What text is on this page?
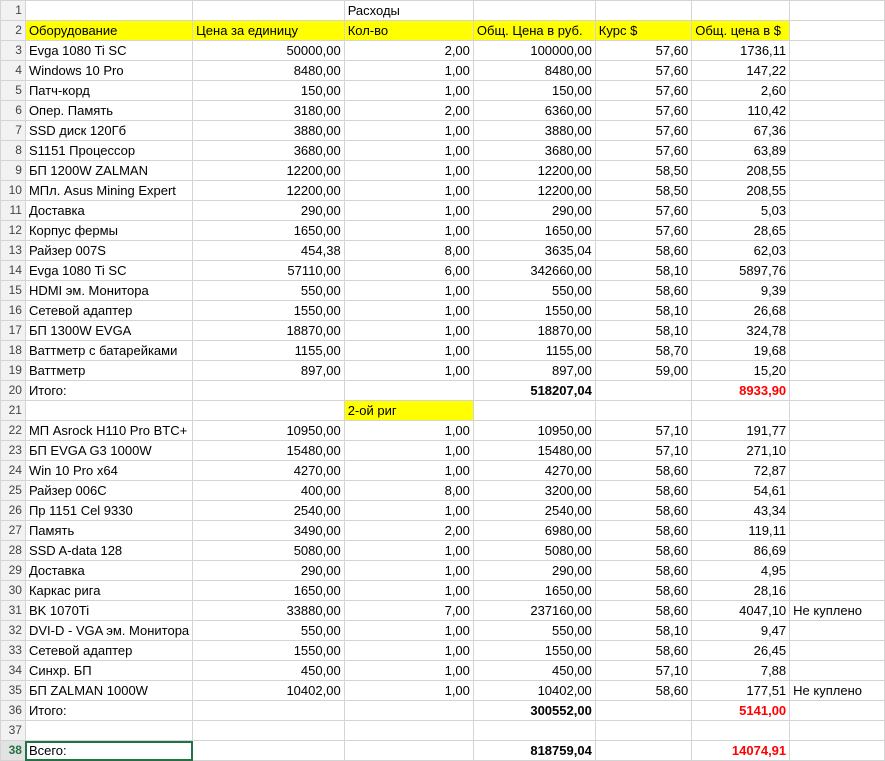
1			Расходы				
2	Оборудование	Цена за единицу	Кол-во	Общ. Цена в руб.	Курс $	Общ. цена в $	
3	Evga 1080 Ti SC	50000,00	2,00	100000,00	57,60	1736,11	
4	Windows 10 Pro	8480,00	1,00	8480,00	57,60	147,22	
5	Патч-корд	150,00	1,00	150,00	57,60	2,60	
6	Опер. Память	3180,00	2,00	6360,00	57,60	110,42	
7	SSD диск 120Гб	3880,00	1,00	3880,00	57,60	67,36	
8	S1151 Процессор	3680,00	1,00	3680,00	57,60	63,89	
9	БП 1200W ZALMAN	12200,00	1,00	12200,00	58,50	208,55	
10	МПл. Asus Mining Expert	12200,00	1,00	12200,00	58,50	208,55	
11	Доставка	290,00	1,00	290,00	57,60	5,03	
12	Корпус фермы	1650,00	1,00	1650,00	57,60	28,65	
13	Райзер 007S	454,38	8,00	3635,04	58,60	62,03	
14	Evga 1080 Ti SC	57110,00	6,00	342660,00	58,10	5897,76	
15	HDMI эм. Монитора	550,00	1,00	550,00	58,60	9,39	
16	Сетевой адаптер	1550,00	1,00	1550,00	58,10	26,68	
17	БП 1300W EVGA	18870,00	1,00	18870,00	58,10	324,78	
18	Ваттметр с батарейками	1155,00	1,00	1155,00	58,70	19,68	
19	Ваттметр	897,00	1,00	897,00	59,00	15,20	
20	Итого:			518207,04		8933,90	
21			2-ой риг				
22	МП Asrock H110 Pro BTC+	10950,00	1,00	10950,00	57,10	191,77	
23	БП EVGA G3 1000W	15480,00	1,00	15480,00	57,10	271,10	
24	Win 10 Pro x64	4270,00	1,00	4270,00	58,60	72,87	
25	Райзер 006C	400,00	8,00	3200,00	58,60	54,61	
26	Пр 1151 Cel 9330	2540,00	1,00	2540,00	58,60	43,34	
27	Память	3490,00	2,00	6980,00	58,60	119,11	
28	SSD A-data 128	5080,00	1,00	5080,00	58,60	86,69	
29	Доставка	290,00	1,00	290,00	58,60	4,95	
30	Каркас рига	1650,00	1,00	1650,00	58,60	28,16	
31	BK 1070Ti	33880,00	7,00	237160,00	58,60	4047,10	Не куплено
32	DVI-D - VGA эм. Монитора	550,00	1,00	550,00	58,10	9,47	
33	Сетевой адаптер	1550,00	1,00	1550,00	58,60	26,45	
34	Синхр. БП	450,00	1,00	450,00	57,10	7,88	
35	БП ZALMAN 1000W	10402,00	1,00	10402,00	58,60	177,51	Не куплено
36	Итого:			300552,00		5141,00	
37							
38	Всего:			818759,04		14074,91	
